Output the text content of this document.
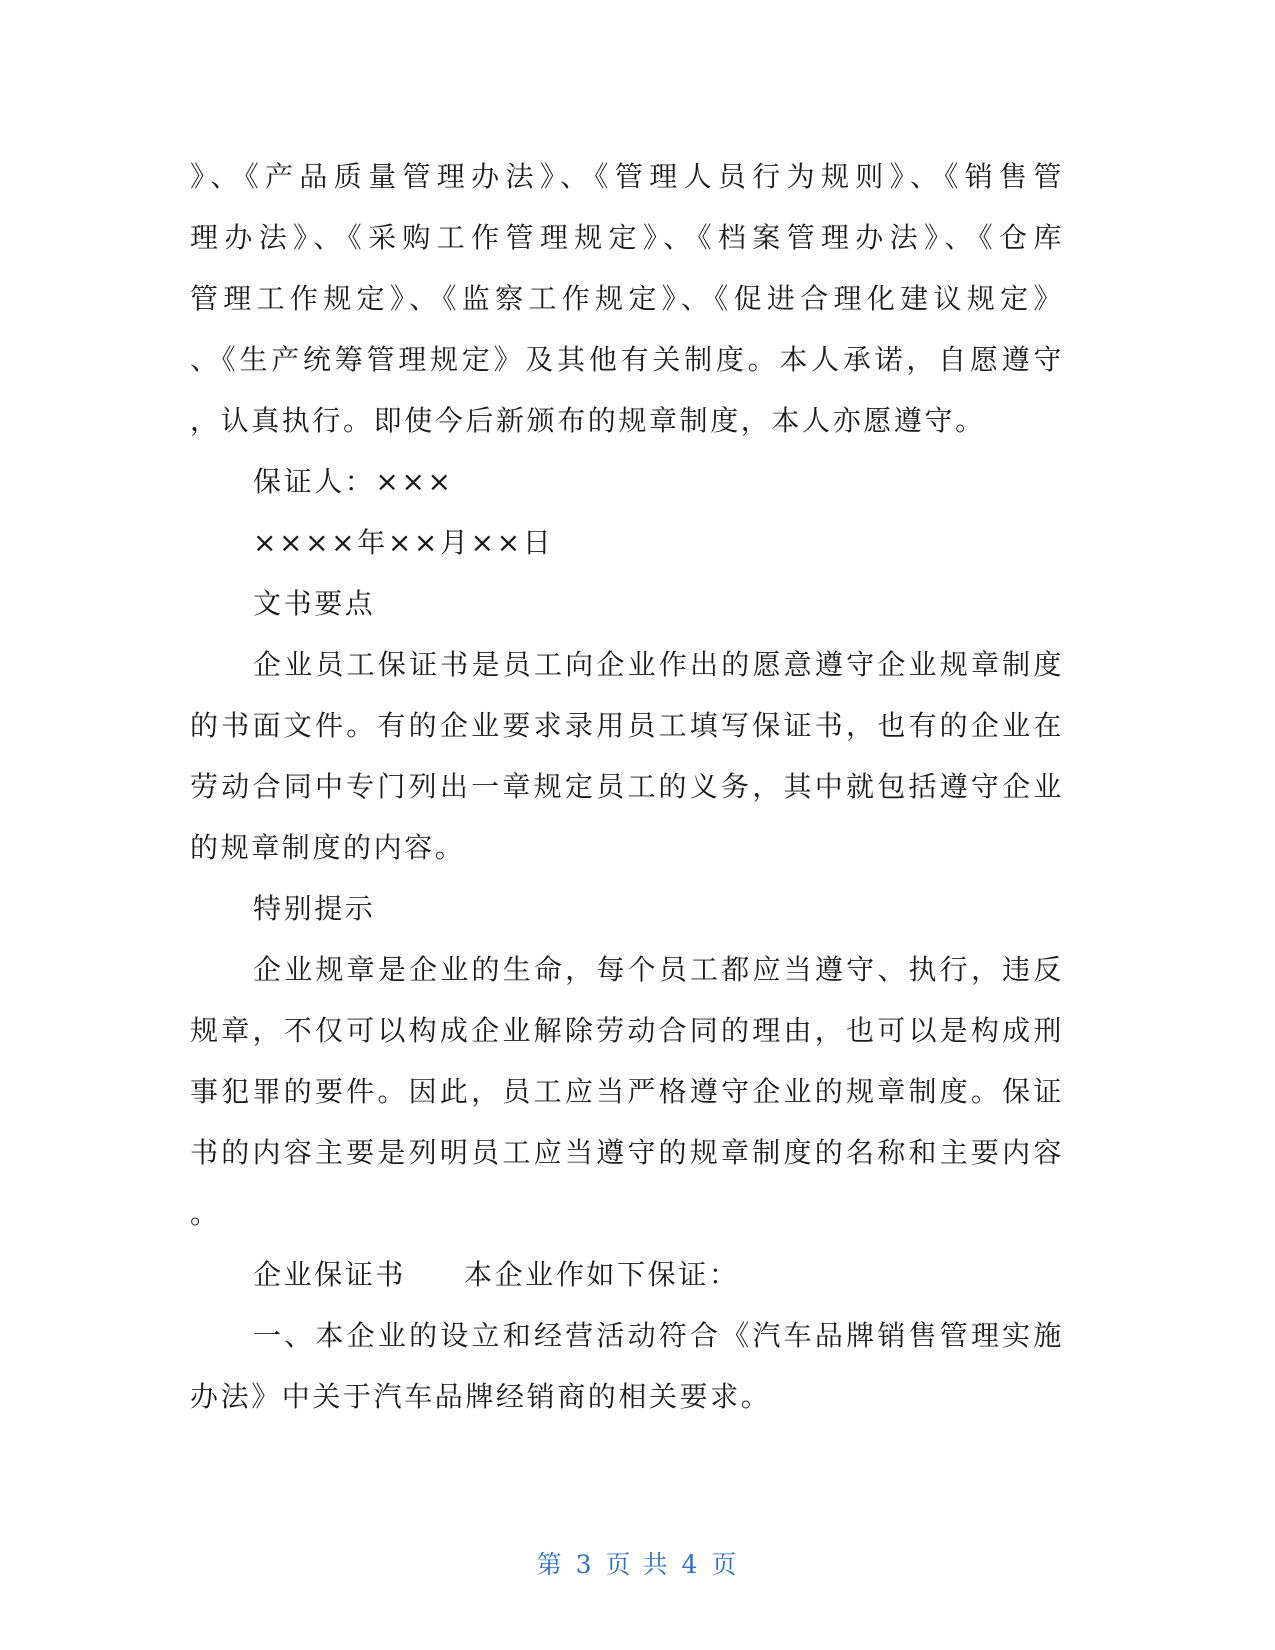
》、《产品质量管理办法》、《管理人员行为规则》、《销售管
理办法》、《采购工作管理规定》、《档案管理办法》、《仓库
管理工作规定》、《监察工作规定》、《促进合理化建议规定》
、《生产统筹管理规定》及其他有关制度。本人承诺，自愿遵守
，认真执行。即使今后新颁布的规章制度，本人亦愿遵守。
保证人：×××
××××年××月××日
文书要点
企业员工保证书是员工向企业作出的愿意遵守企业规章制度
的书面文件。有的企业要求录用员工填写保证书，也有的企业在
劳动合同中专门列出一章规定员工的义务，其中就包括遵守企业
的规章制度的内容。
特别提示
企业规章是企业的生命，每个员工都应当遵守、执行，违反
规章，不仅可以构成企业解除劳动合同的理由，也可以是构成刑
事犯罪的要件。因此，员工应当严格遵守企业的规章制度。保证
书的内容主要是列明员工应当遵守的规章制度的名称和主要内容
。
企业保证书 本企业作如下保证：
一、本企业的设立和经营活动符合《汽车品牌销售管理实施
办法》中关于汽车品牌经销商的相关要求。
第 3 页 共 4 页
